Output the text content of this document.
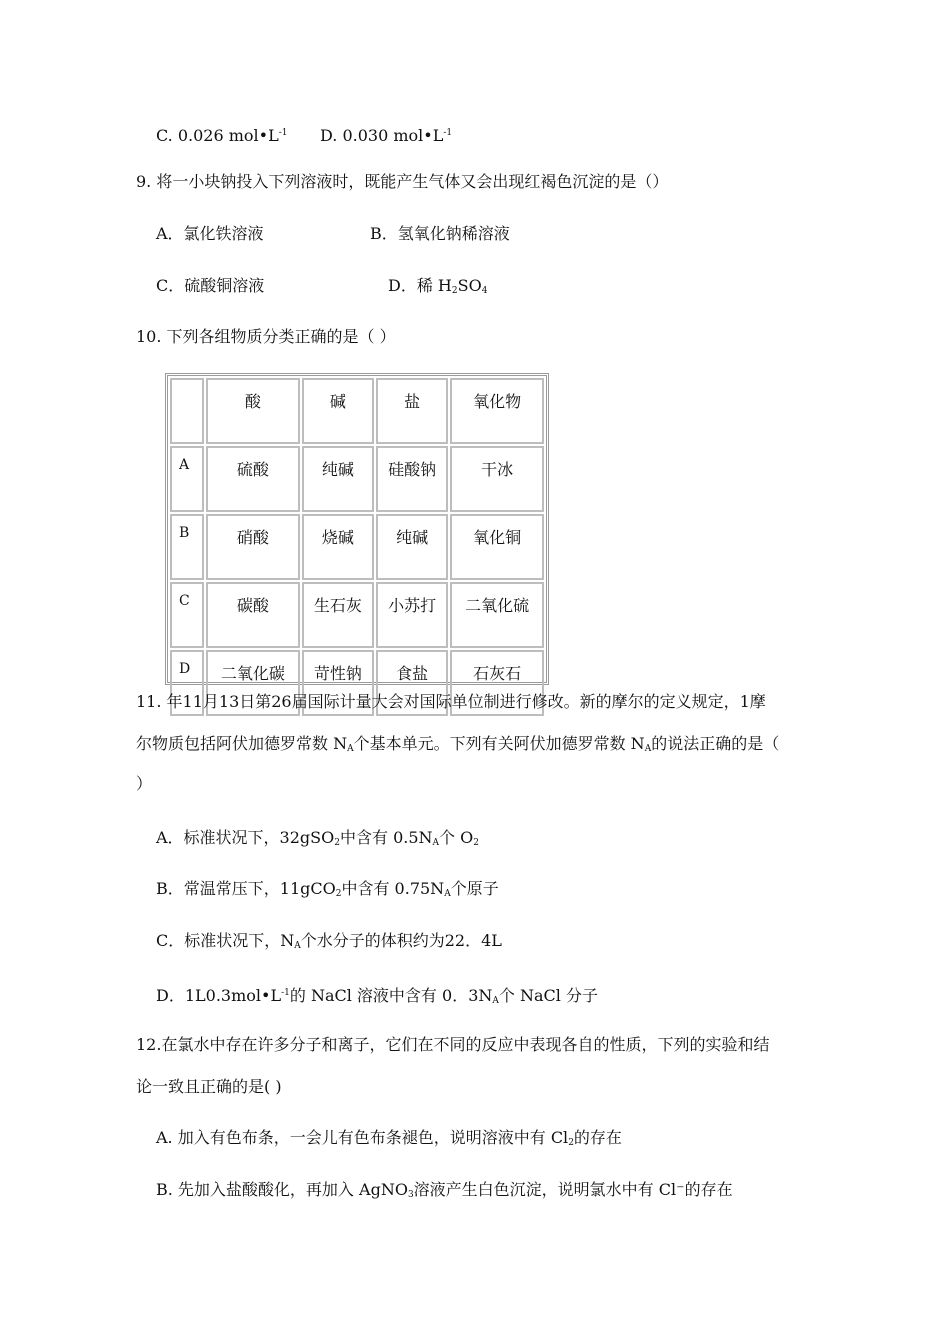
C. 0.026 $mol•L^{-1}$ D. 0.030 $mol•L^{-1}$
9. 将一小块钠投入下列溶液时，既能产生气体又会出现红褐色沉淀的是（）
A．氯化铁溶液	B．氢氧化钠稀溶液
C．硫酸铜溶液	D．稀 $H_2SO_4$
10. 下列各组物质分类正确的是（ ）
	酸	碱	盐	氧化物
A	硫酸	纯碱	硅酸钠	干冰
B	硝酸	烧碱	纯碱	氧化铜
C	碳酸	生石灰	小苏打	二氧化硫
D	二氧化碳	苛性钠	食盐	石灰石
11. 年11月13日第26届国际计量大会对国际单位制进行修改。新的摩尔的定义规定，1摩
尔物质包括阿伏加德罗常数 $N_A$个基本单元。下列有关阿伏加德罗常数 $N_A$的说法正确的是（
）
A．标准状况下，32gSO$_2$中含有 $0.5N_A$个 $O_2$
B．常温常压下，11gCO$_2$中含有 $0.75N_A$个原子
C．标准状况下，$N_A$个水分子的体积约为22．4L
D．$1L0.3mol•L^{-1}$的 NaCl 溶液中含有 0．$3N_A$个 NaCl 分子
12.在氯水中存在许多分子和离子，它们在不同的反应中表现各自的性质，下列的实验和结
论一致且正确的是( )
A. 加入有色布条，一会儿有色布条褪色，说明溶液中有 $Cl_2$的存在
B. 先加入盐酸酸化，再加入 AgNO$_3$溶液产生白色沉淀，说明氯水中有 Cl⁻的存在
